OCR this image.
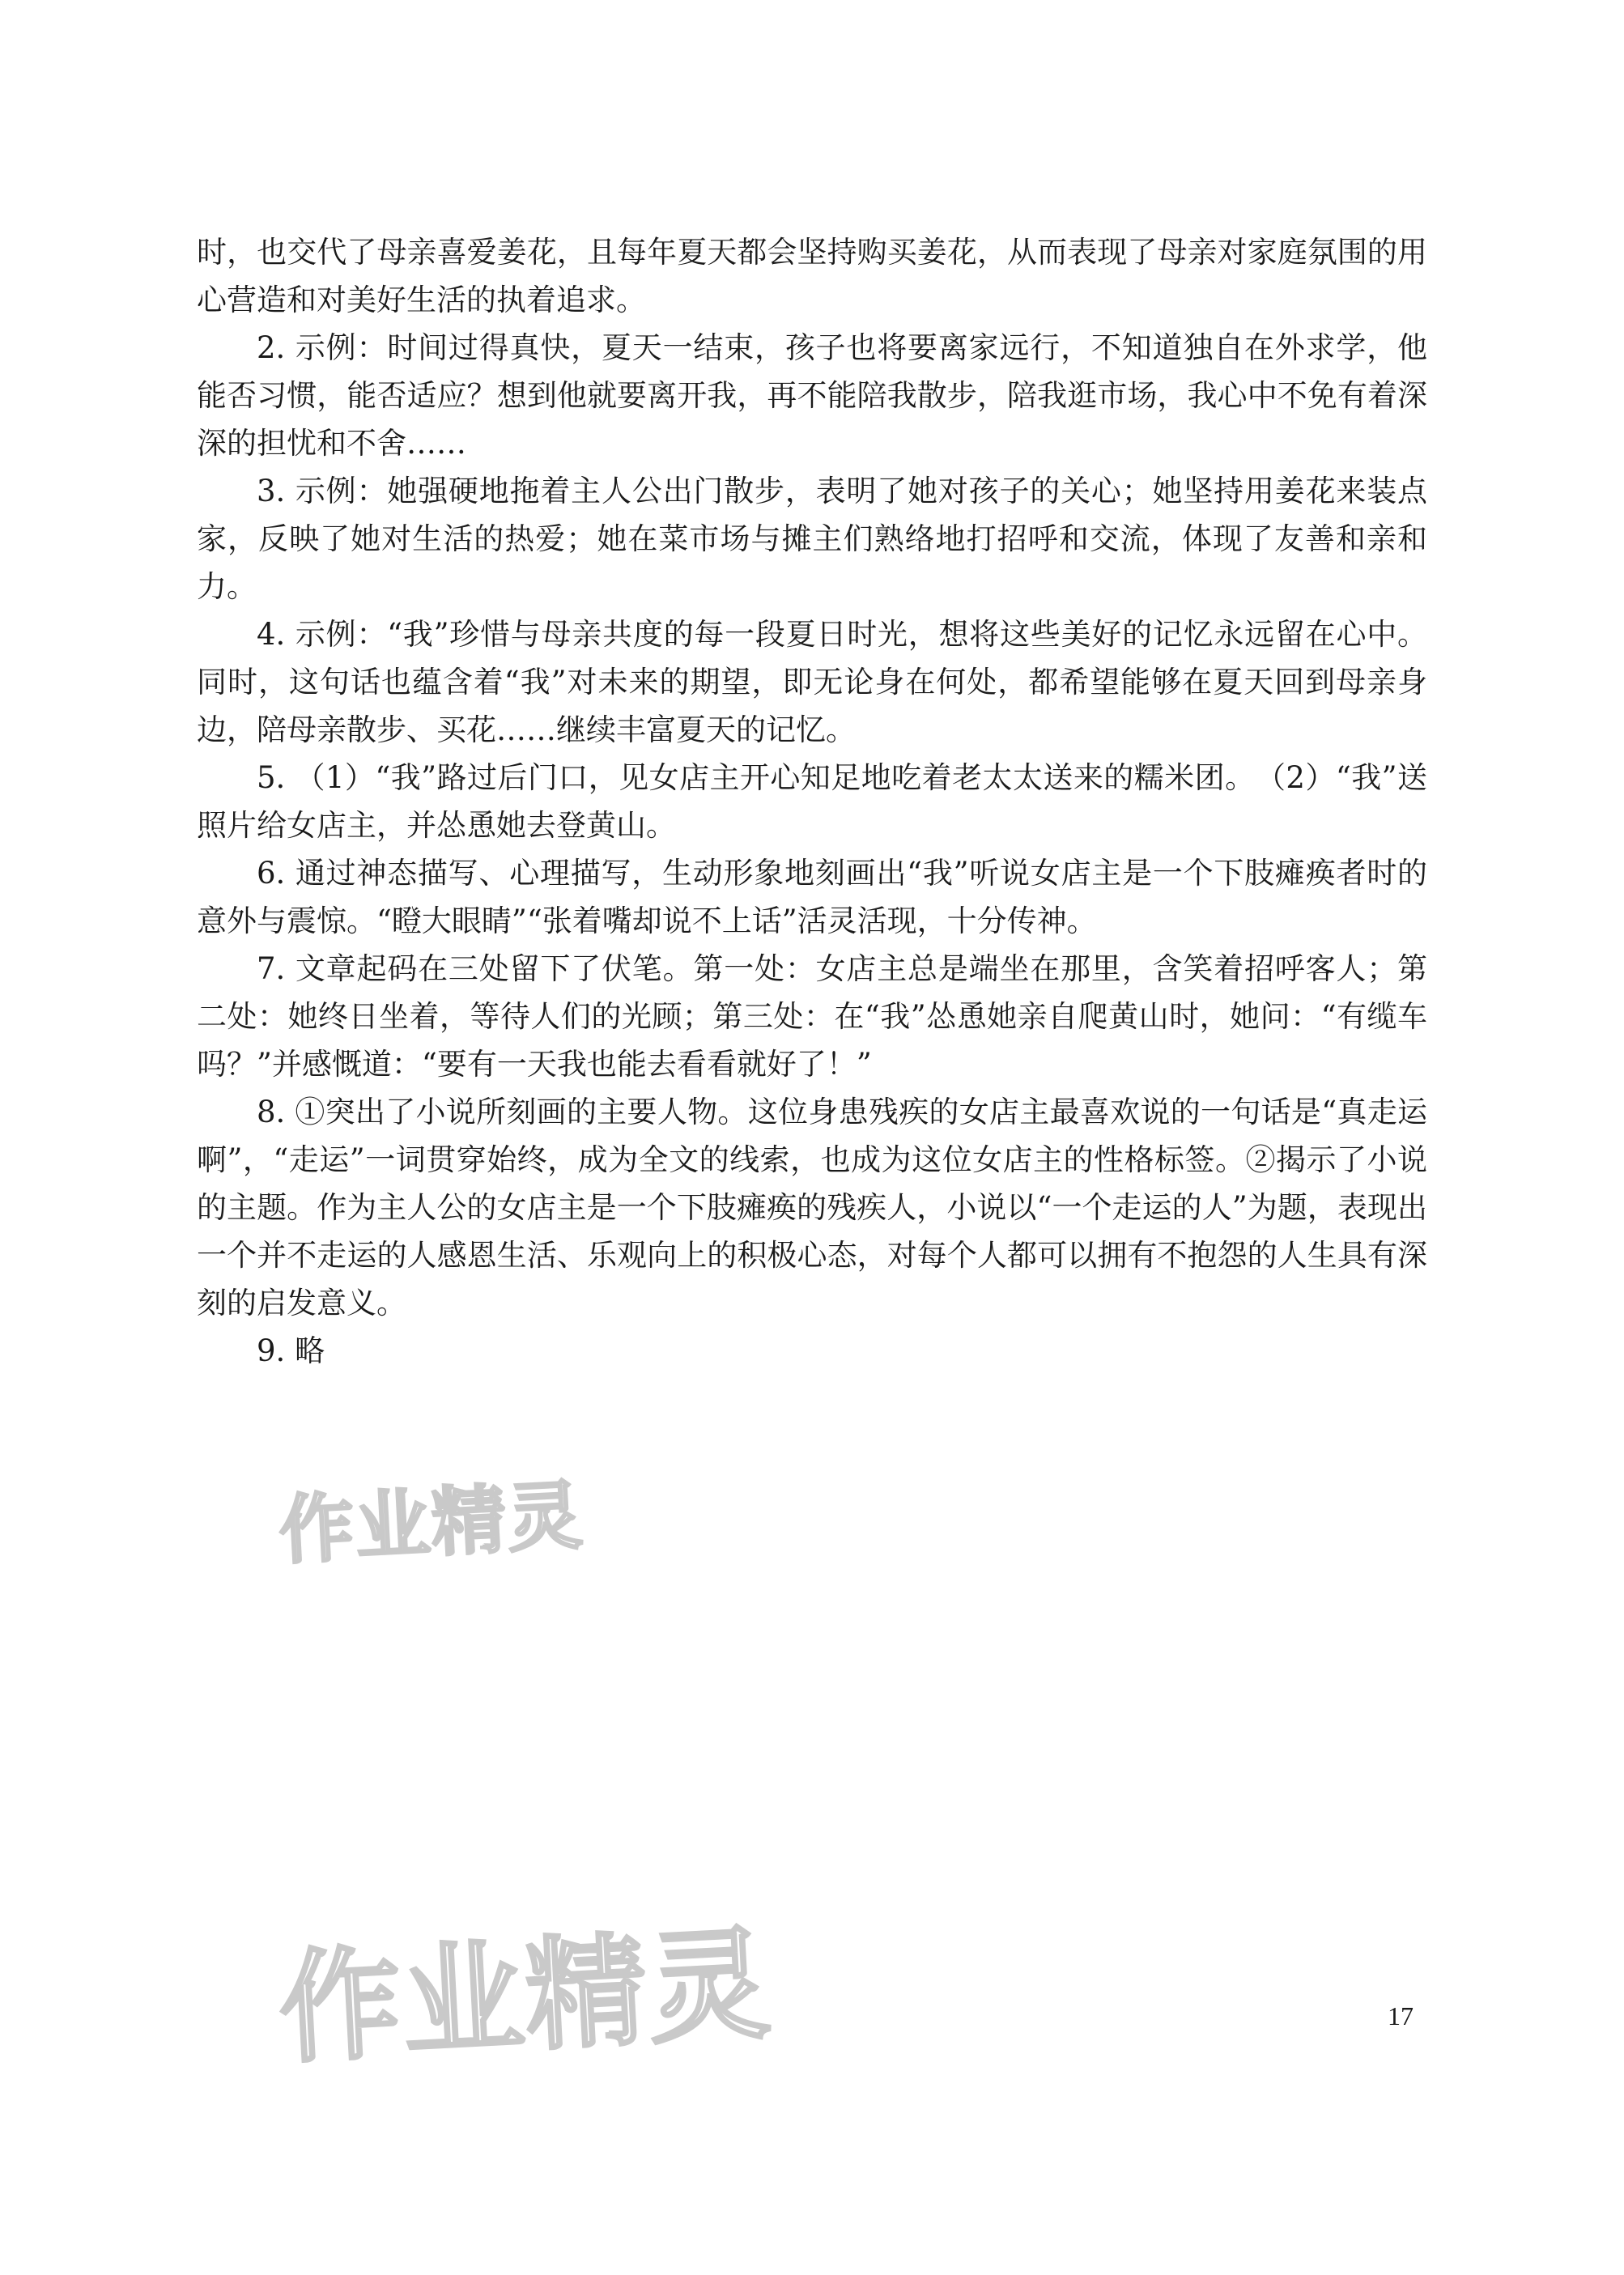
时，也交代了母亲喜爱姜花，且每年夏天都会坚持购买姜花，从而表现了母亲对家庭氛围的用心营造和对美好生活的执着追求。

2. 示例：时间过得真快，夏天一结束，孩子也将要离家远行，不知道独自在外求学，他能否习惯，能否适应？想到他就要离开我，再不能陪我散步，陪我逛市场，我心中不免有着深深的担忧和不舍……

3. 示例：她强硬地拖着主人公出门散步，表明了她对孩子的关心；她坚持用姜花来装点家，反映了她对生活的热爱；她在菜市场与摊主们熟络地打招呼和交流，体现了友善和亲和力。

4. 示例：“我”珍惜与母亲共度的每一段夏日时光，想将这些美好的记忆永远留在心中。同时，这句话也蕴含着“我”对未来的期望，即无论身在何处，都希望能够在夏天回到母亲身边，陪母亲散步、买花……继续丰富夏天的记忆。

5. （1）“我”路过后门口，见女店主开心知足地吃着老太太送来的糯米团。　（2）“我”送照片给女店主，并怂恿她去登黄山。

6. 通过神态描写、心理描写，生动形象地刻画出“我”听说女店主是一个下肢瘫痪者时的意外与震惊。“瞪大眼睛”“张着嘴却说不上话”活灵活现，十分传神。

7. 文章起码在三处留下了伏笔。第一处：女店主总是端坐在那里，含笑着招呼客人；第二处：她终日坐着，等待人们的光顾；第三处：在“我”怂恿她亲自爬黄山时，她问：“有缆车吗？”并感慨道：“要有一天我也能去看看就好了！”

8. ①突出了小说所刻画的主要人物。这位身患残疾的女店主最喜欢说的一句话是“真走运啊”，“走运”一词贯穿始终，成为全文的线索，也成为这位女店主的性格标签。②揭示了小说的主题。作为主人公的女店主是一个下肢瘫痪的残疾人，小说以“一个走运的人”为题，表现出一个并不走运的人感恩生活、乐观向上的积极心态，对每个人都可以拥有不抱怨的人生具有深刻的启发意义。

9. 略

作业精灵
作业精灵	17
